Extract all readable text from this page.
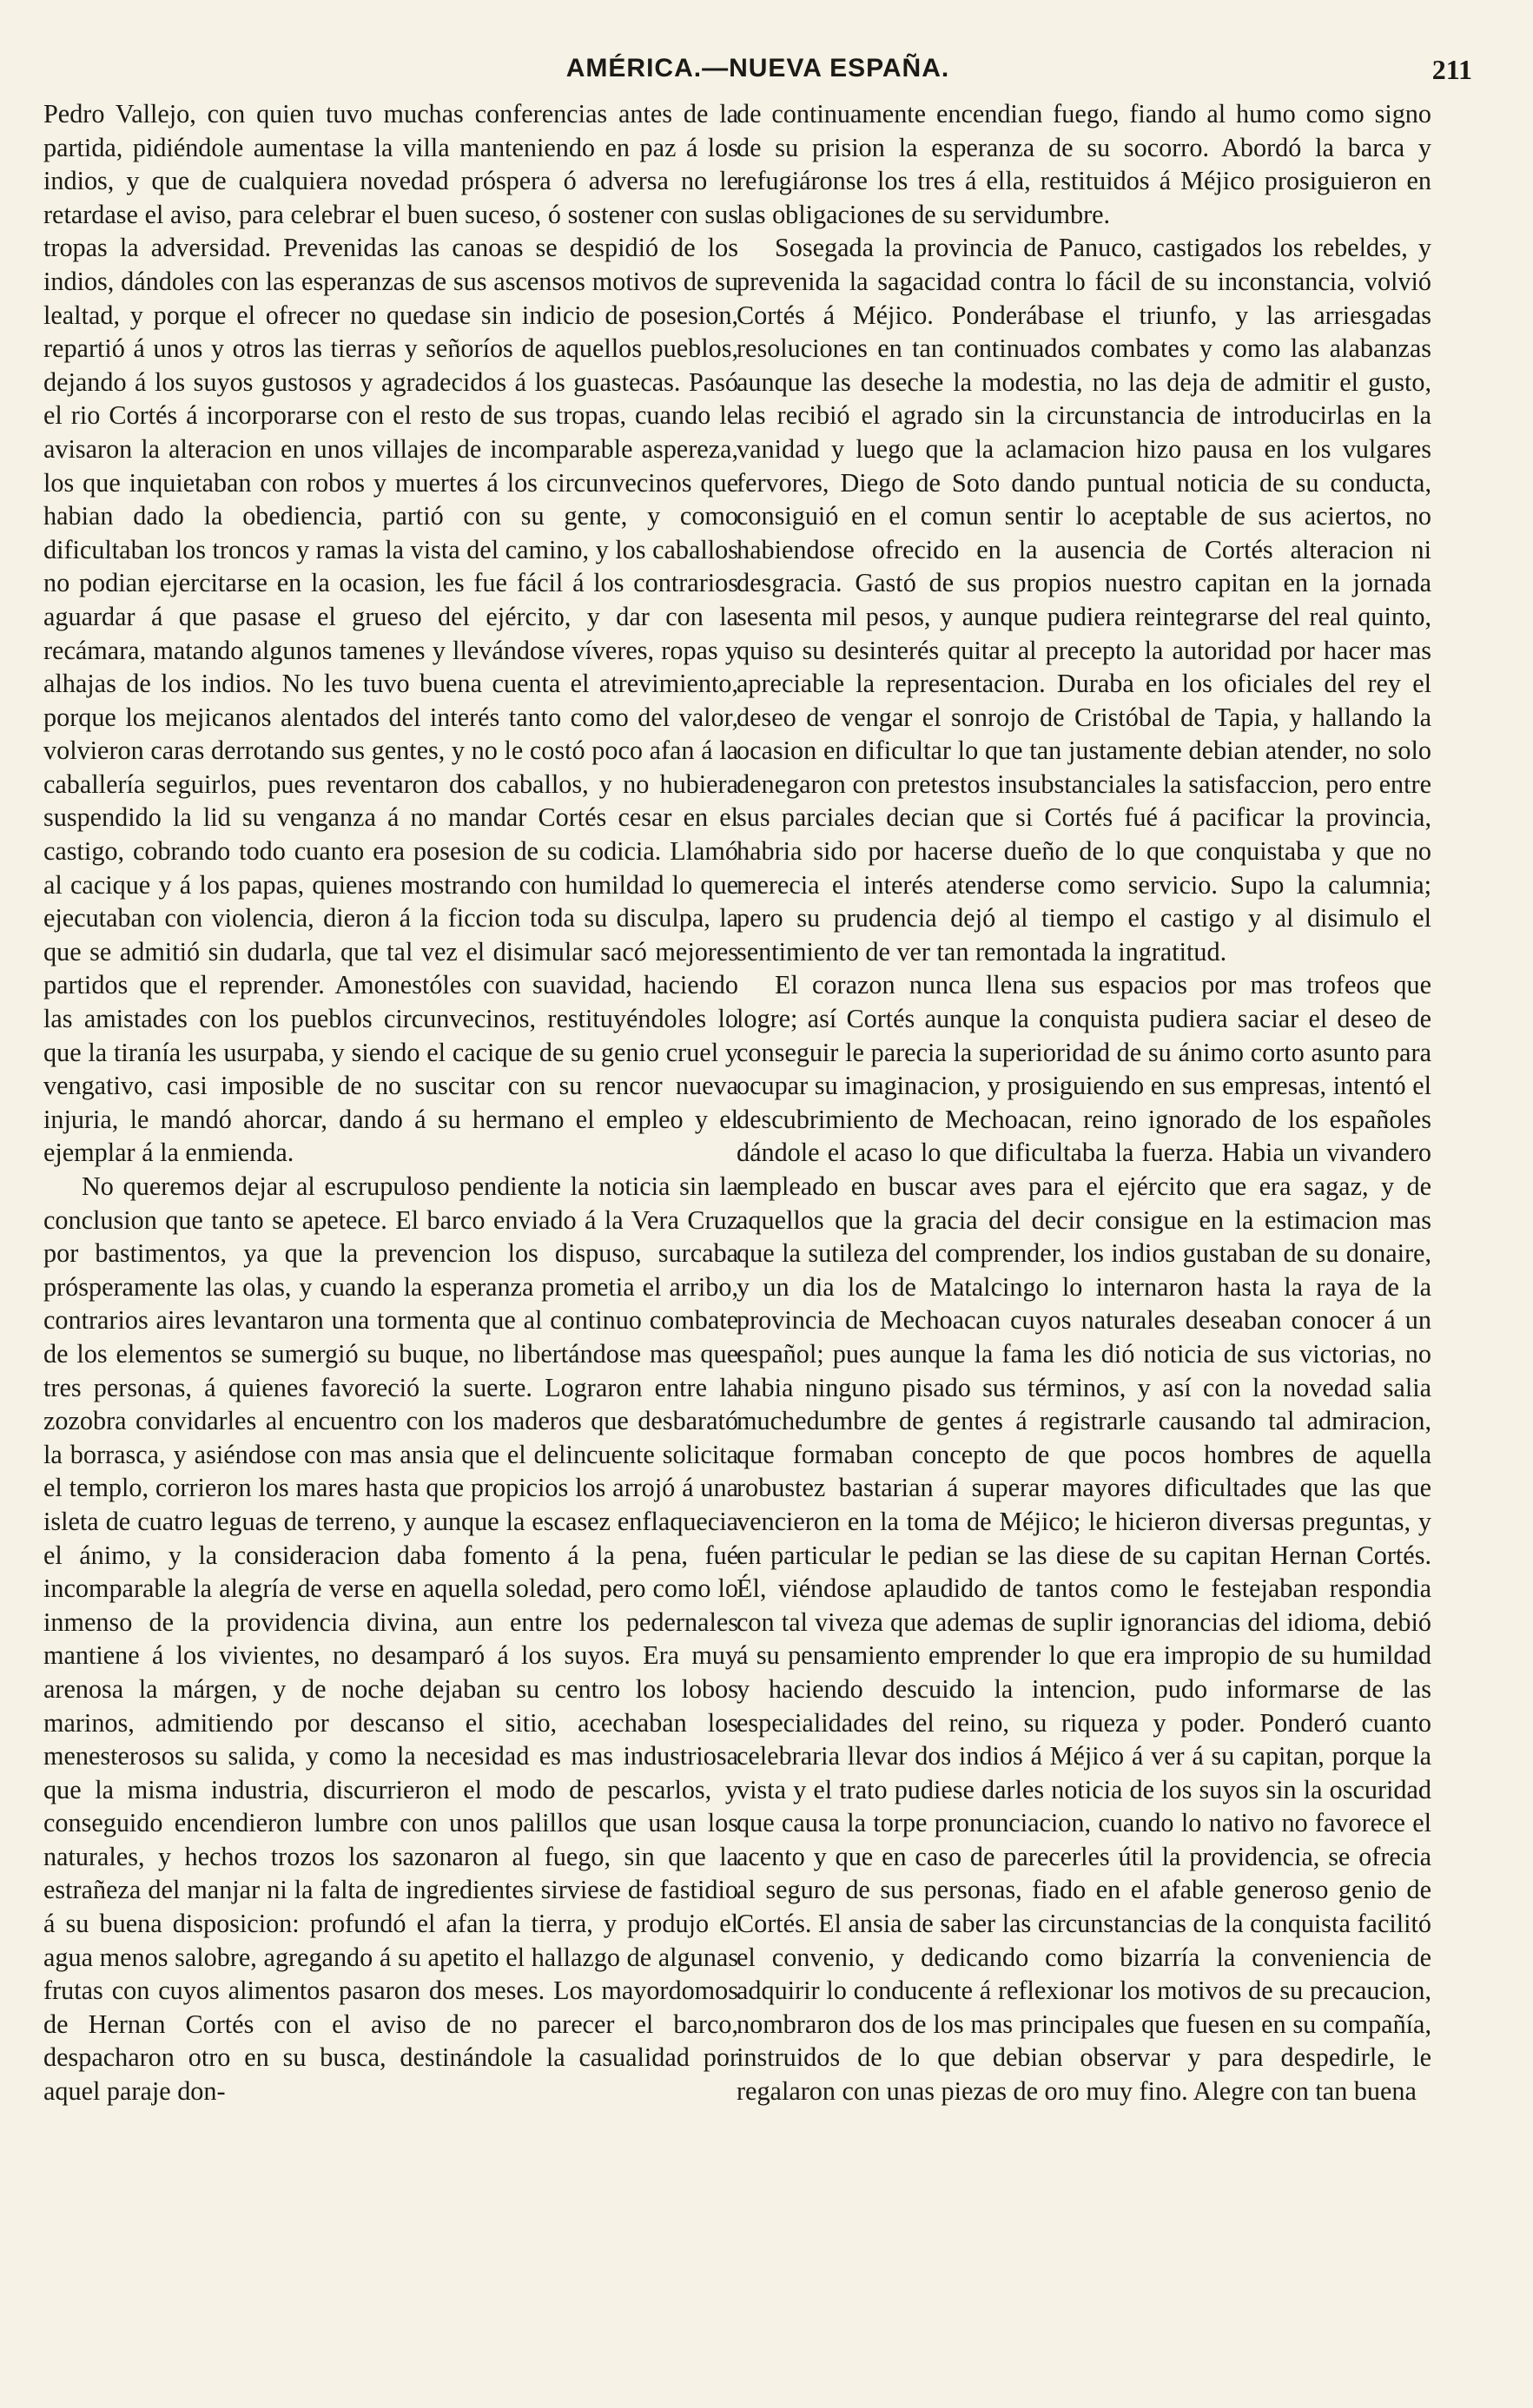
AMÉRICA.—NUEVA ESPAÑA.	211

Pedro Vallejo, con quien tuvo muchas conferencias antes de la partida, pidiéndole aumentase la villa manteniendo en paz á los indios, y que de cualquiera novedad próspera ó adversa no le retardase el aviso, para celebrar el buen suceso, ó sostener con sus tropas la adversidad. Prevenidas las canoas se despidió de los indios, dándoles con las esperanzas de sus ascensos motivos de su lealtad, y porque el ofrecer no quedase sin indicio de posesion, repartió á unos y otros las tierras y señoríos de aquellos pueblos, dejando á los suyos gustosos y agradecidos á los guastecas. Pasó el rio Cortés á incorporarse con el resto de sus tropas, cuando le avisaron la alteracion en unos villajes de incomparable aspereza, los que inquietaban con robos y muertes á los circunvecinos que habian dado la obediencia, partió con su gente, y como dificultaban los troncos y ramas la vista del camino, y los caballos no podian ejercitarse en la ocasion, les fue fácil á los contrarios aguardar á que pasase el grueso del ejército, y dar con la recámara, matando algunos tamenes y llevándose víveres, ropas y alhajas de los indios. No les tuvo buena cuenta el atrevimiento, porque los mejicanos alentados del interés tanto como del valor, volvieron caras derrotando sus gentes, y no le costó poco afan á la caballería seguirlos, pues reventaron dos caballos, y no hubiera suspendido la lid su venganza á no mandar Cortés cesar en el castigo, cobrando todo cuanto era posesion de su codicia. Llamó al cacique y á los papas, quienes mostrando con humildad lo que ejecutaban con violencia, dieron á la ficcion toda su disculpa, la que se admitió sin dudarla, que tal vez el disimular sacó mejores partidos que el reprender. Amonestóles con suavidad, haciendo las amistades con los pueblos circunvecinos, restituyéndoles lo que la tiranía les usurpaba, y siendo el cacique de su genio cruel y vengativo, casi imposible de no suscitar con su rencor nueva injuria, le mandó ahorcar, dando á su hermano el empleo y el ejemplar á la enmienda.

No queremos dejar al escrupuloso pendiente la noticia sin la conclusion que tanto se apetece. El barco enviado á la Vera Cruz por bastimentos, ya que la prevencion los dispuso, surcaba prósperamente las olas, y cuando la esperanza prometia el arribo, contrarios aires levantaron una tormenta que al continuo combate de los elementos se sumergió su buque, no libertándose mas que tres personas, á quienes favoreció la suerte. Lograron entre la zozobra convidarles al encuentro con los maderos que desbarató la borrasca, y asiéndose con mas ansia que el delincuente solicita el templo, corrieron los mares hasta que propicios los arrojó á una isleta de cuatro leguas de terreno, y aunque la escasez enflaquecia el ánimo, y la consideracion daba fomento á la pena, fué incomparable la alegría de verse en aquella soledad, pero como lo inmenso de la providencia divina, aun entre los pedernales mantiene á los vivientes, no desamparó á los suyos. Era muy arenosa la márgen, y de noche dejaban su centro los lobos marinos, admitiendo por descanso el sitio, acechaban los menesterosos su salida, y como la necesidad es mas industriosa que la misma industria, discurrieron el modo de pescarlos, y conseguido encendieron lumbre con unos palillos que usan los naturales, y hechos trozos los sazonaron al fuego, sin que la estrañeza del manjar ni la falta de ingredientes sirviese de fastidio á su buena disposicion: profundó el afan la tierra, y produjo el agua menos salobre, agregando á su apetito el hallazgo de algunas frutas con cuyos alimentos pasaron dos meses. Los mayordomos de Hernan Cortés con el aviso de no parecer el barco, despacharon otro en su busca, destinándole la casualidad por aquel paraje don-

de continuamente encendian fuego, fiando al humo como signo de su prision la esperanza de su socorro. Abordó la barca y refugiáronse los tres á ella, restituidos á Méjico prosiguieron en las obligaciones de su servidumbre.

Sosegada la provincia de Panuco, castigados los rebeldes, y prevenida la sagacidad contra lo fácil de su inconstancia, volvió Cortés á Méjico. Ponderábase el triunfo, y las arriesgadas resoluciones en tan continuados combates y como las alabanzas aunque las deseche la modestia, no las deja de admitir el gusto, las recibió el agrado sin la circunstancia de introducirlas en la vanidad y luego que la aclamacion hizo pausa en los vulgares fervores, Diego de Soto dando puntual noticia de su conducta, consiguió en el comun sentir lo aceptable de sus aciertos, no habiendose ofrecido en la ausencia de Cortés alteracion ni desgracia. Gastó de sus propios nuestro capitan en la jornada sesenta mil pesos, y aunque pudiera reintegrarse del real quinto, quiso su desinterés quitar al precepto la autoridad por hacer mas apreciable la representacion. Duraba en los oficiales del rey el deseo de vengar el sonrojo de Cristóbal de Tapia, y hallando la ocasion en dificultar lo que tan justamente debian atender, no solo denegaron con pretestos insubstanciales la satisfaccion, pero entre sus parciales decian que si Cortés fué á pacificar la provincia, habria sido por hacerse dueño de lo que conquistaba y que no merecia el interés atenderse como servicio. Supo la calumnia; pero su prudencia dejó al tiempo el castigo y al disimulo el sentimiento de ver tan remontada la ingratitud.

El corazon nunca llena sus espacios por mas trofeos que logre; así Cortés aunque la conquista pudiera saciar el deseo de conseguir le parecia la superioridad de su ánimo corto asunto para ocupar su imaginacion, y prosiguiendo en sus empresas, intentó el descubrimiento de Mechoacan, reino ignorado de los españoles dándole el acaso lo que dificultaba la fuerza. Habia un vivandero empleado en buscar aves para el ejército que era sagaz, y de aquellos que la gracia del decir consigue en la estimacion mas que la sutileza del comprender, los indios gustaban de su donaire, y un dia los de Matalcingo lo internaron hasta la raya de la provincia de Mechoacan cuyos naturales deseaban conocer á un español; pues aunque la fama les dió noticia de sus victorias, no habia ninguno pisado sus términos, y así con la novedad salia muchedumbre de gentes á registrarle causando tal admiracion, que formaban concepto de que pocos hombres de aquella robustez bastarian á superar mayores dificultades que las que vencieron en la toma de Méjico; le hicieron diversas preguntas, y en particular le pedian se las diese de su capitan Hernan Cortés. Él, viéndose aplaudido de tantos como le festejaban respondia con tal viveza que ademas de suplir ignorancias del idioma, debió á su pensamiento emprender lo que era impropio de su humildad y haciendo descuido la intencion, pudo informarse de las especialidades del reino, su riqueza y poder. Ponderó cuanto celebraria llevar dos indios á Méjico á ver á su capitan, porque la vista y el trato pudiese darles noticia de los suyos sin la oscuridad que causa la torpe pronunciacion, cuando lo nativo no favorece el acento y que en caso de parecerles útil la providencia, se ofrecia al seguro de sus personas, fiado en el afable generoso genio de Cortés. El ansia de saber las circunstancias de la conquista facilitó el convenio, y dedicando como bizarría la conveniencia de adquirir lo conducente á reflexionar los motivos de su precaucion, nombraron dos de los mas principales que fuesen en su compañía, instruidos de lo que debian observar y para despedirle, le regalaron con unas piezas de oro muy fino. Alegre con tan buena
